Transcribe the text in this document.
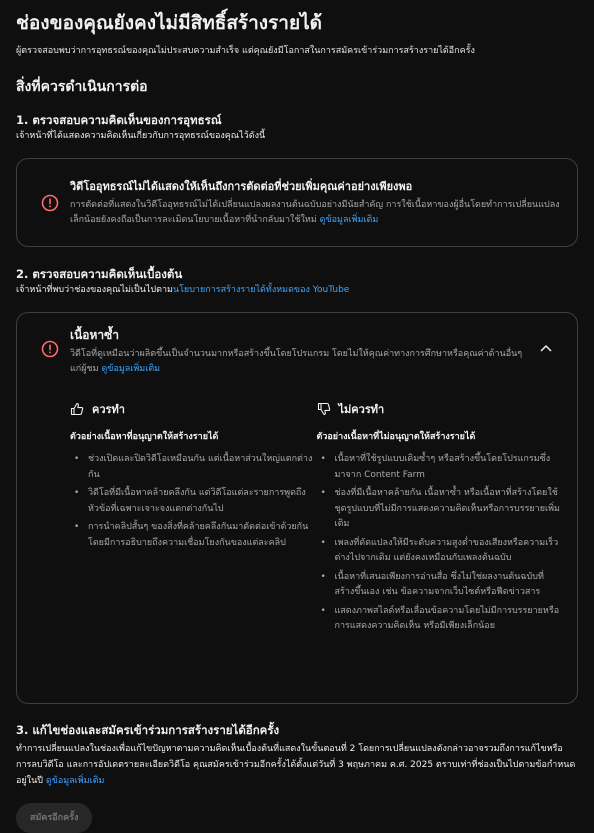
ช่องของคุณยังคงไม่มีสิทธิ์สร้างรายได้
ผู้ตรวจสอบพบว่าการอุทธรณ์ของคุณไม่ประสบความสำเร็จ แต่คุณยังมีโอกาสในการสมัครเข้าร่วมการสร้างรายได้อีกครั้ง
สิ่งที่ควรดำเนินการต่อ
1. ตรวจสอบความคิดเห็นของการอุทธรณ์
เจ้าหน้าที่ได้แสดงความคิดเห็นเกี่ยวกับการอุทธรณ์ของคุณไว้ดังนี้
วิดีโออุทธรณ์ไม่ได้แสดงให้เห็นถึงการตัดต่อที่ช่วยเพิ่มคุณค่าอย่างเพียงพอ
การตัดต่อที่แสดงในวิดีโออุทธรณ์ไม่ได้เปลี่ยนแปลงผลงานต้นฉบับอย่างมีนัยสำคัญ การใช้เนื้อหาของผู้อื่นโดยทำการเปลี่ยนแปลงเล็กน้อยยังคงถือเป็นการละเมิดนโยบายเนื้อหาที่นำกลับมาใช้ใหม่ ดูข้อมูลเพิ่มเติม
2. ตรวจสอบความคิดเห็นเบื้องต้น
เจ้าหน้าที่พบว่าช่องของคุณไม่เป็นไปตามนโยบายการสร้างรายได้ทั้งหมดของ YouTube
เนื้อหาซ้ำ
วิดีโอที่ดูเหมือนว่าผลิตขึ้นเป็นจำนวนมากหรือสร้างขึ้นโดยโปรแกรม โดยไม่ให้คุณค่าทางการศึกษาหรือคุณค่าด้านอื่นๆ แก่ผู้ชม ดูข้อมูลเพิ่มเติม
ควรทำ
ตัวอย่างเนื้อหาที่อนุญาตให้สร้างรายได้
• ช่วงเปิดและปิดวิดีโอเหมือนกัน แต่เนื้อหาส่วนใหญ่แตกต่างกัน
• วิดีโอที่มีเนื้อหาคล้ายคลึงกัน แต่วิดีโอแต่ละรายการพูดถึงหัวข้อที่เฉพาะเจาะจงแตกต่างกันไป
• การนำคลิปสั้นๆ ของสิ่งที่คล้ายคลึงกันมาตัดต่อเข้าด้วยกัน โดยมีการอธิบายถึงความเชื่อมโยงกันของแต่ละคลิป
ไม่ควรทำ
ตัวอย่างเนื้อหาที่ไม่อนุญาตให้สร้างรายได้
• เนื้อหาที่ใช้รูปแบบเดิมซ้ำๆ หรือสร้างขึ้นโดยโปรแกรมซึ่งมาจาก Content Farm
• ช่องที่มีเนื้อหาคล้ายกัน เนื้อหาซ้ำ หรือเนื้อหาที่สร้างโดยใช้ชุดรูปแบบที่ไม่มีการแสดงความคิดเห็นหรือการบรรยายเพิ่มเติม
• เพลงที่ดัดแปลงให้มีระดับความสูงต่ำของเสียงหรือความเร็วต่างไปจากเดิม แต่ยังคงเหมือนกับเพลงต้นฉบับ
• เนื้อหาที่เสนอเพียงการอ่านสื่อ ซึ่งไม่ใช่ผลงานต้นฉบับที่สร้างขึ้นเอง เช่น ข้อความจากเว็บไซต์หรือฟีดข่าวสาร
• แสดงภาพสไลด์หรือเลื่อนข้อความโดยไม่มีการบรรยายหรือการแสดงความคิดเห็น หรือมีเพียงเล็กน้อย
3. แก้ไขช่องและสมัครเข้าร่วมการสร้างรายได้อีกครั้ง
ทำการเปลี่ยนแปลงในช่องเพื่อแก้ไขปัญหาตามความคิดเห็นเบื้องต้นที่แสดงในขั้นตอนที่ 2 โดยการเปลี่ยนแปลงดังกล่าวอาจรวมถึงการแก้ไขหรือการลบวิดีโอ และการอัปเดตรายละเอียดวิดีโอ คุณสมัครเข้าร่วมอีกครั้งได้ตั้งแต่วันที่ 3 พฤษภาคม ค.ศ. 2025 ตราบเท่าที่ช่องเป็นไปตามข้อกำหนดอยู่ในปี ดูข้อมูลเพิ่มเติม
สมัครอีกครั้ง
